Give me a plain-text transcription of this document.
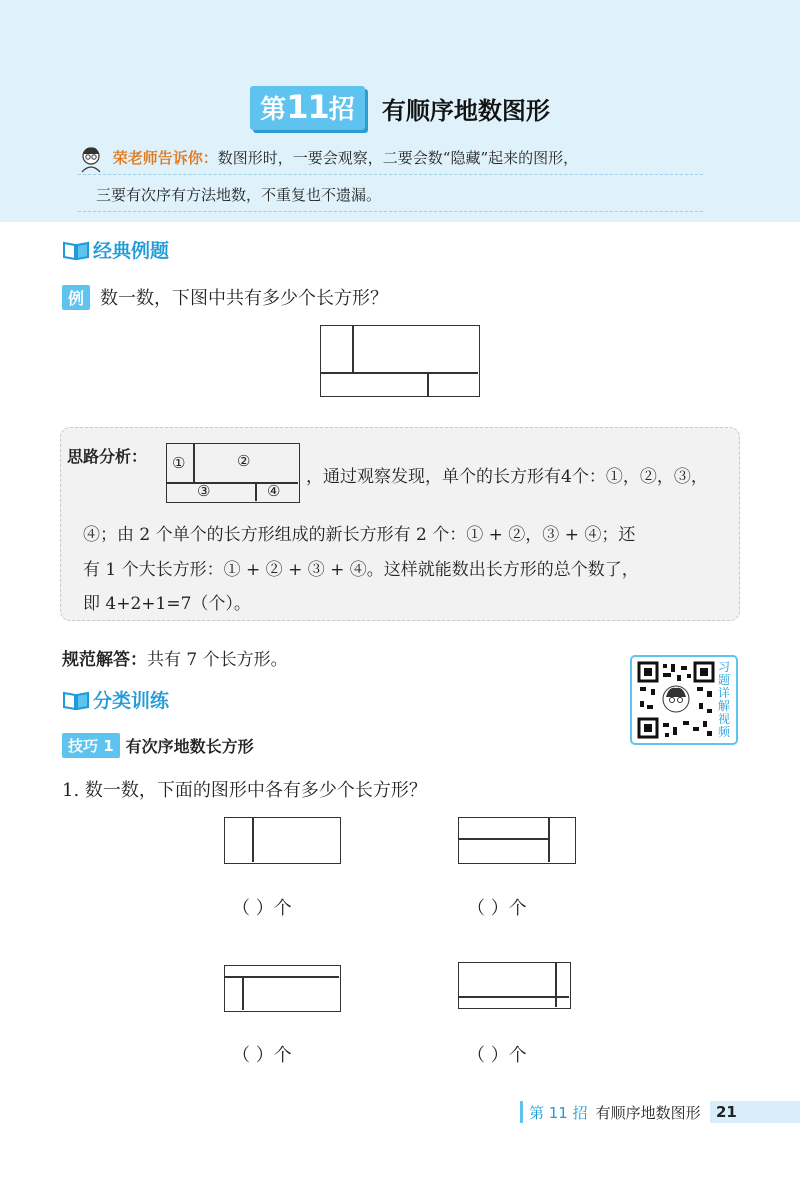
第11招 有顺序地数图形
荣老师告诉你：数图形时，一要会观察，二要会数“隐藏”起来的图形，
三要有次序有方法地数，不重复也不遗漏。
经典例题
例 数一数，下图中共有多少个长方形？
思路分析： ①	②
③	④
，通过观察发现，单个的长方形有4个：①，②，③，
④；由 2 个单个的长方形组成的新长方形有 2 个：① + ②，③ + ④；还
有 1 个大长方形：① + ② + ③ + ④。这样就能数出长方形的总个数了，
即 4+2+1=7（个）。
规范解答：共有 7 个长方形。	习题详解视频
分类训练
技巧 1 有次序地数长方形
1. 数一数，下面的图形中各有多少个长方形？
（ ）个	（ ）个
（ ）个	（ ）个
第 11 招 有顺序地数图形	21
